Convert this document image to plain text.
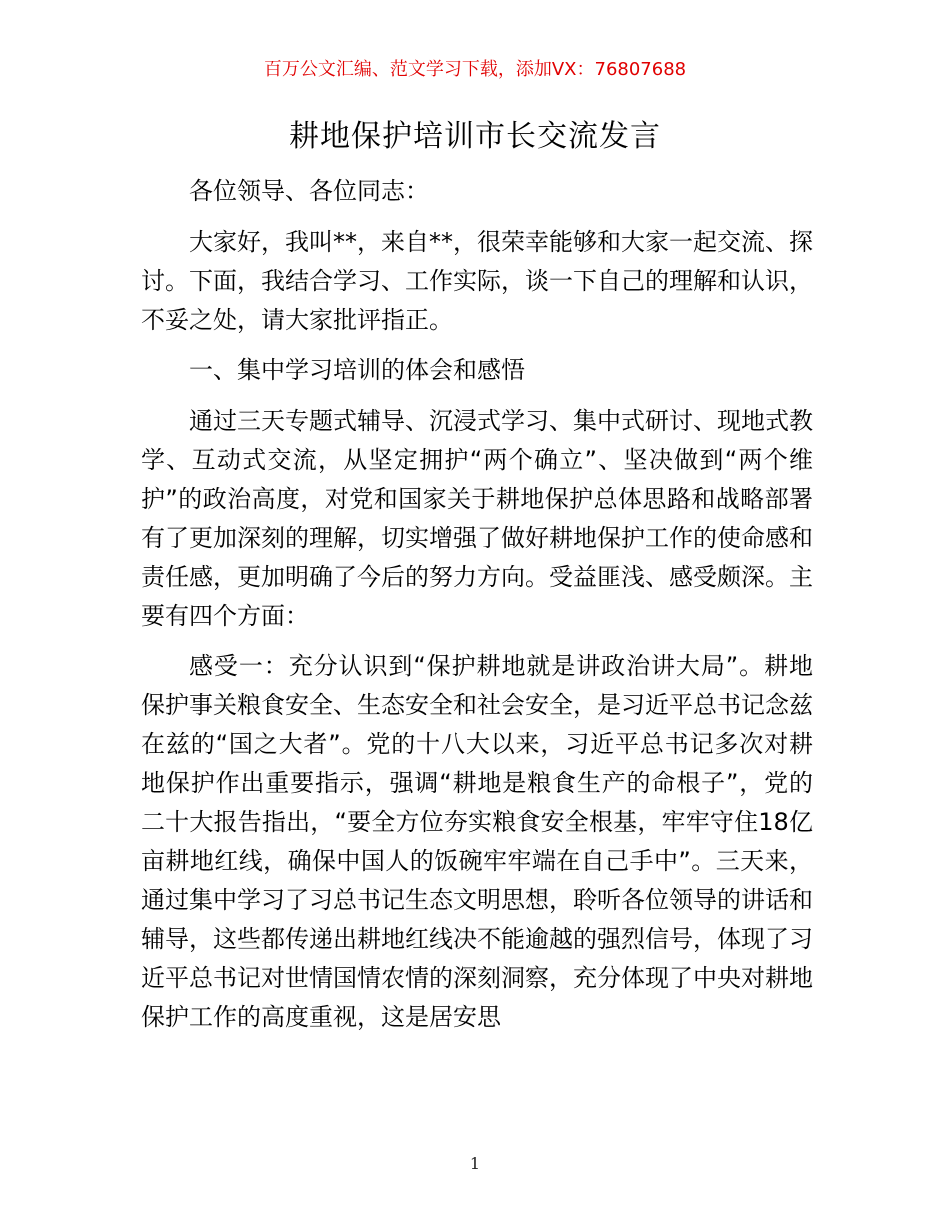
百万公文汇编、范文学习下载，添加VX：76807688
耕地保护培训市长交流发言

各位领导、各位同志：

大家好，我叫**，来自**，很荣幸能够和大家一起交流、探讨。下面，我结合学习、工作实际，谈一下自己的理解和认识，不妥之处，请大家批评指正。

一、集中学习培训的体会和感悟

通过三天专题式辅导、沉浸式学习、集中式研讨、现地式教学、互动式交流，从坚定拥护“两个确立”、坚决做到“两个维护”的政治高度，对党和国家关于耕地保护总体思路和战略部署有了更加深刻的理解，切实增强了做好耕地保护工作的使命感和责任感，更加明确了今后的努力方向。受益匪浅、感受颇深。主要有四个方面：

感受一：充分认识到“保护耕地就是讲政治讲大局”。耕地保护事关粮食安全、生态安全和社会安全，是习近平总书记念兹在兹的“国之大者”。党的十八大以来，习近平总书记多次对耕地保护作出重要指示，强调“耕地是粮食生产的命根子”，党的二十大报告指出，“要全方位夯实粮食安全根基，牢牢守住18亿亩耕地红线，确保中国人的饭碗牢牢端在自己手中”。三天来，通过集中学习了习总书记生态文明思想，聆听各位领导的讲话和辅导，这些都传递出耕地红线决不能逾越的强烈信号，体现了习近平总书记对世情国情农情的深刻洞察，充分体现了中央对耕地保护工作的高度重视，这是居安思

1
